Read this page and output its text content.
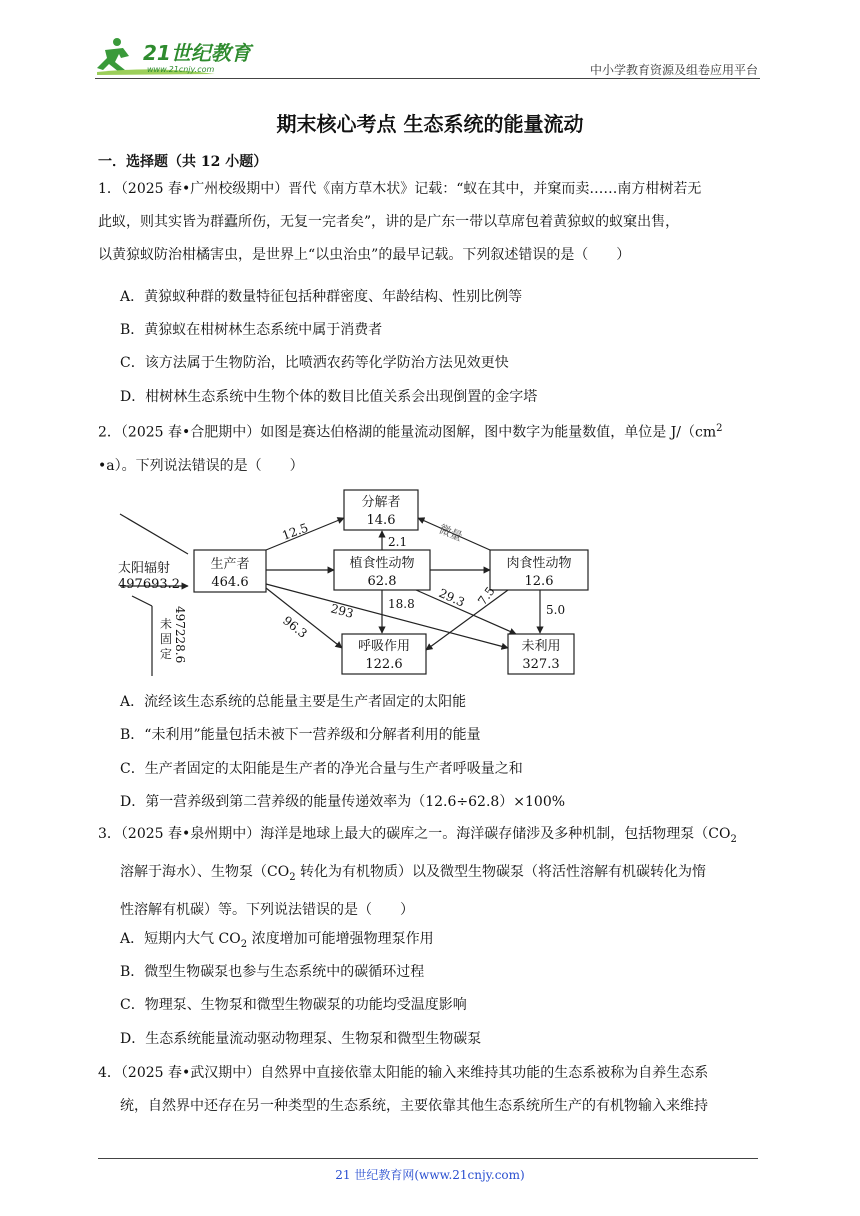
21世纪教育
www.21cnjy.com	中小学教育资源及组卷应用平台
期末核心考点 生态系统的能量流动
一．选择题（共 12 小题）

1．（2025 春•广州校级期中）晋代《南方草木状》记载：“蚁在其中，并窠而卖……南方柑树若无

此蚁，则其实皆为群蠹所伤，无复一完者矣”，讲的是广东一带以草席包着黄猄蚁的蚁窠出售，

以黄猄蚁防治柑橘害虫，是世界上“以虫治虫”的最早记载。下列叙述错误的是（　　）

A．黄猄蚁种群的数量特征包括种群密度、年龄结构、性别比例等
B．黄猄蚁在柑树林生态系统中属于消费者
C．该方法属于生物防治，比喷洒农药等化学防治方法见效更快
D．柑树林生态系统中生物个体的数目比值关系会出现倒置的金字塔

2．（2025 春•合肥期中）如图是赛达伯格湖的能量流动图解，图中数字为能量数值，单位是 $J/(cm^2$

•a）。下列说法错误的是（　　）

太阳辐射
497693.2
未固定 497228.6
分解者
14.6
生产者
464.6
植食性动物
62.8
肉食性动物
12.6
呼吸作用
122.6
未利用
327.3
12.5	2.1 微量
96.3
293	18.8 29.3 7.5
5.0
A．流经该生态系统的总能量主要是生产者固定的太阳能
B．“未利用”能量包括未被下一营养级和分解者利用的能量
C．生产者固定的太阳能是生产者的净光合量与生产者呼吸量之和
D．第一营养级到第二营养级的能量传递效率为（12.6÷62.8）×100%

3．（2025 春•泉州期中）海洋是地球上最大的碳库之一。海洋碳存储涉及多种机制，包括物理泵（$CO_2$

溶解于海水）、生物泵（$CO_2$ 转化为有机物质）以及微型生物碳泵（将活性溶解有机碳转化为惰

性溶解有机碳）等。下列说法错误的是（　　）

A．短期内大气 $CO_2$ 浓度增加可能增强物理泵作用
B．微型生物碳泵也参与生态系统中的碳循环过程
C．物理泵、生物泵和微型生物碳泵的功能均受温度影响
D．生态系统能量流动驱动物理泵、生物泵和微型生物碳泵

4．（2025 春•武汉期中）自然界中直接依靠太阳能的输入来维持其功能的生态系被称为自养生态系

统，自然界中还存在另一种类型的生态系统，主要依靠其他生态系统所生产的有机物输入来维持

21 世纪教育网(www.21cnjy.com)
